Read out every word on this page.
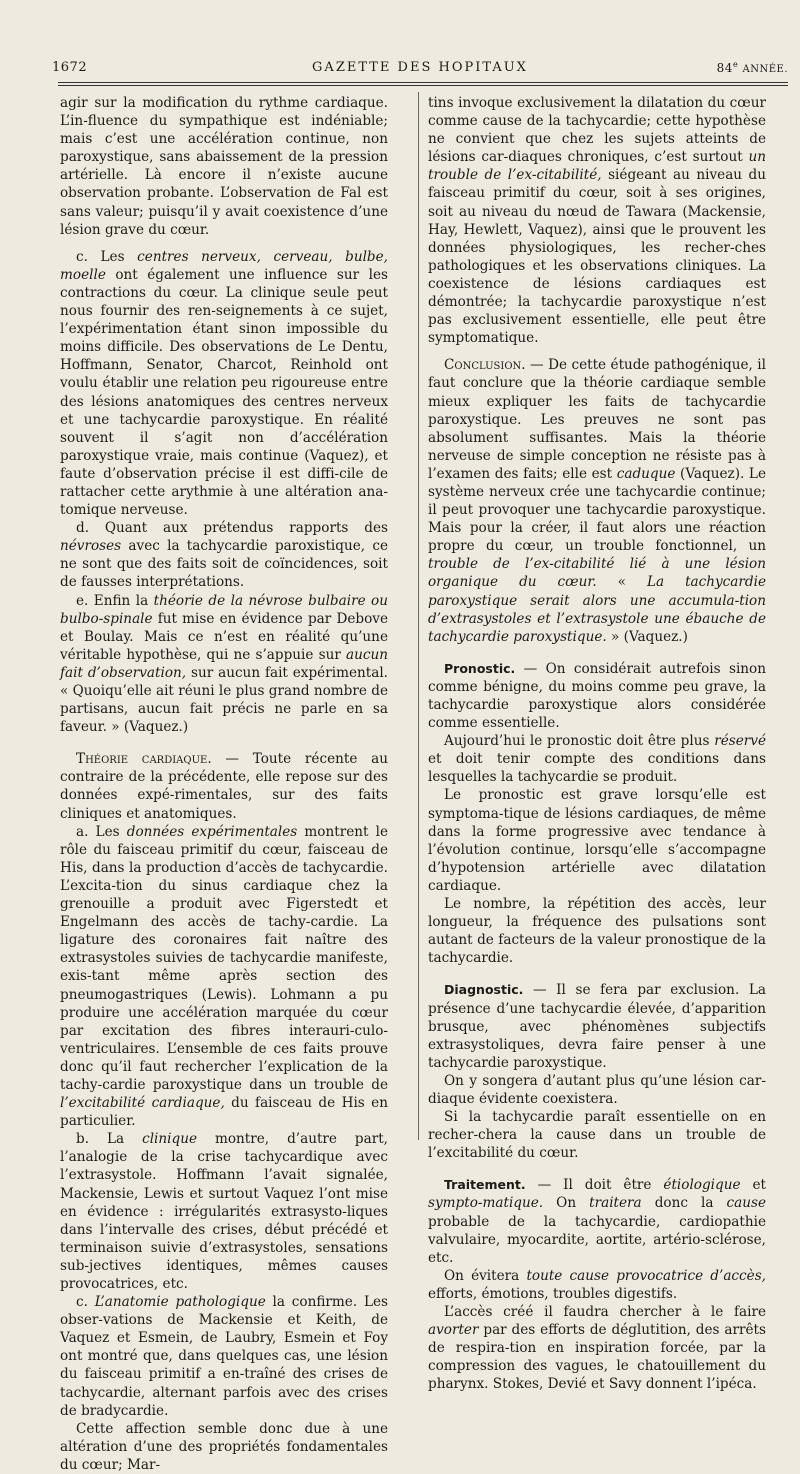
1672	GAZETTE DES HOPITAUX	84e ANNÉE.

agir sur la modification du rythme cardiaque. L’in-fluence du sympathique est indéniable; mais c’est une accélération continue, non paroxystique, sans abaissement de la pression artérielle. Là encore il n’existe aucune observation probante. L’observation de Fal est sans valeur; puisqu’il y avait coexistence d’une lésion grave du cœur.

c. Les centres nerveux, cerveau, bulbe, moelle ont également une influence sur les contractions du cœur. La clinique seule peut nous fournir des ren-seignements à ce sujet, l’expérimentation étant sinon impossible du moins difficile. Des observations de Le Dentu, Hoffmann, Senator, Charcot, Reinhold ont voulu établir une relation peu rigoureuse entre des lésions anatomiques des centres nerveux et une tachycardie paroxystique. En réalité souvent il s’agit non d’accélération paroxystique vraie, mais continue (Vaquez), et faute d’observation précise il est diffi-cile de rattacher cette arythmie à une altération ana-tomique nerveuse.

d. Quant aux prétendus rapports des névroses avec la tachycardie paroxistique, ce ne sont que des faits soit de coïncidences, soit de fausses interprétations.

e. Enfin la théorie de la névrose bulbaire ou bulbo-spinale fut mise en évidence par Debove et Boulay. Mais ce n’est en réalité qu’une véritable hypothèse, qui ne s’appuie sur aucun fait d’observation, sur aucun fait expérimental. « Quoiqu’elle ait réuni le plus grand nombre de partisans, aucun fait précis ne parle en sa faveur. » (Vaquez.)

Théorie cardiaque. — Toute récente au contraire de la précédente, elle repose sur des données expé-rimentales, sur des faits cliniques et anatomiques.

a. Les données expérimentales montrent le rôle du faisceau primitif du cœur, faisceau de His, dans la production d’accès de tachycardie. L’excita-tion du sinus cardiaque chez la grenouille a produit avec Figerstedt et Engelmann des accès de tachy-cardie. La ligature des coronaires fait naître des extrasystoles suivies de tachycardie manifeste, exis-tant même après section des pneumogastriques (Lewis). Lohmann a pu produire une accélération marquée du cœur par excitation des fibres interauri-culo-ventriculaires. L’ensemble de ces faits prouve donc qu’il faut rechercher l’explication de la tachy-cardie paroxystique dans un trouble de l’excitabilité cardiaque, du faisceau de His en particulier.

b. La clinique montre, d’autre part, l’analogie de la crise tachycardique avec l’extrasystole. Hoffmann l’avait signalée, Mackensie, Lewis et surtout Vaquez l’ont mise en évidence : irrégularités extrasysto-liques dans l’intervalle des crises, début précédé et terminaison suivie d’extrasystoles, sensations sub-jectives identiques, mêmes causes provocatrices, etc.

c. L’anatomie pathologique la confirme. Les obser-vations de Mackensie et Keith, de Vaquez et Esmein, de Laubry, Esmein et Foy ont montré que, dans quelques cas, une lésion du faisceau primitif a en-traîné des crises de tachycardie, alternant parfois avec des crises de bradycardie.

Cette affection semble donc due à une altération d’une des propriétés fondamentales du cœur; Mar-

tins invoque exclusivement la dilatation du cœur comme cause de la tachycardie; cette hypothèse ne convient que chez les sujets atteints de lésions car-diaques chroniques, c’est surtout un trouble de l’ex-citabilité, siégeant au niveau du faisceau primitif du cœur, soit à ses origines, soit au niveau du nœud de Tawara (Mackensie, Hay, Hewlett, Vaquez), ainsi que le prouvent les données physiologiques, les recher-ches pathologiques et les observations cliniques. La coexistence de lésions cardiaques est démontrée; la tachycardie paroxystique n’est pas exclusivement essentielle, elle peut être symptomatique.

Conclusion. — De cette étude pathogénique, il faut conclure que la théorie cardiaque semble mieux expliquer les faits de tachycardie paroxystique. Les preuves ne sont pas absolument suffisantes. Mais la théorie nerveuse de simple conception ne résiste pas à l’examen des faits; elle est caduque (Vaquez). Le système nerveux crée une tachycardie continue; il peut provoquer une tachycardie paroxystique. Mais pour la créer, il faut alors une réaction propre du cœur, un trouble fonctionnel, un trouble de l’ex-citabilité lié à une lésion organique du cœur. « La tachycardie paroxystique serait alors une accumula-tion d’extrasystoles et l’extrasystole une ébauche de tachycardie paroxystique. » (Vaquez.)

Pronostic. — On considérait autrefois sinon comme bénigne, du moins comme peu grave, la tachycardie paroxystique alors considérée comme essentielle.

Aujourd’hui le pronostic doit être plus réservé et doit tenir compte des conditions dans lesquelles la tachycardie se produit.

Le pronostic est grave lorsqu’elle est symptoma-tique de lésions cardiaques, de même dans la forme progressive avec tendance à l’évolution continue, lorsqu’elle s’accompagne d’hypotension artérielle avec dilatation cardiaque.

Le nombre, la répétition des accès, leur longueur, la fréquence des pulsations sont autant de facteurs de la valeur pronostique de la tachycardie.

Diagnostic. — Il se fera par exclusion. La présence d’une tachycardie élevée, d’apparition brusque, avec phénomènes subjectifs extrasystoliques, devra faire penser à une tachycardie paroxystique.

On y songera d’autant plus qu’une lésion car-diaque évidente coexistera.

Si la tachycardie paraît essentielle on en recher-chera la cause dans un trouble de l’excitabilité du cœur.

Traitement. — Il doit être étiologique et sympto-matique. On traitera donc la cause probable de la tachycardie, cardiopathie valvulaire, myocardite, aortite, artério-sclérose, etc.

On évitera toute cause provocatrice d’accès, efforts, émotions, troubles digestifs.

L’accès créé il faudra chercher à le faire avorter par des efforts de déglutition, des arrêts de respira-tion en inspiration forcée, par la compression des vagues, le chatouillement du pharynx. Stokes, Devié et Savy donnent l’ipéca.
